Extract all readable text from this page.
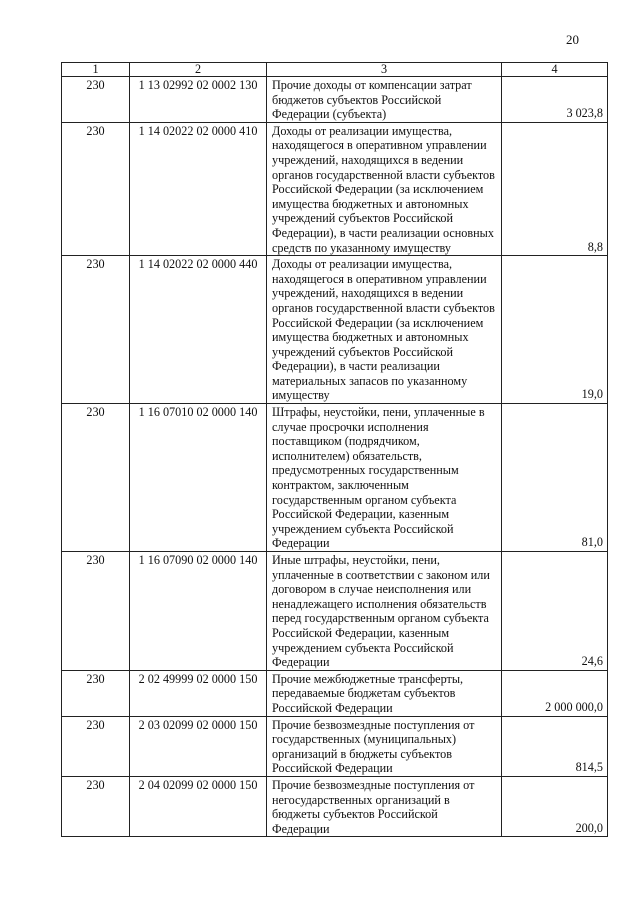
20
1	2	3	4
230	1 13 02992 02 0002 130	Прочие доходы от компенсации затрат бюджетов субъектов Российской Федерации (субъекта)	3 023,8
230	1 14 02022 02 0000 410	Доходы от реализации имущества, находящегося в оперативном управлении учреждений, находящихся в ведении органов государственной власти субъектов Российской Федерации (за исключением имущества бюджетных и автономных учреждений субъектов Российской Федерации), в части реализации основных средств по указанному имуществу	8,8
230	1 14 02022 02 0000 440	Доходы от реализации имущества, находящегося в оперативном управлении учреждений, находящихся в ведении органов государственной власти субъектов Российской Федерации (за исключением имущества бюджетных и автономных учреждений субъектов Российской Федерации), в части реализации материальных запасов по указанному имуществу	19,0
230	1 16 07010 02 0000 140	Штрафы, неустойки, пени, уплаченные в случае просрочки исполнения поставщиком (подрядчиком, исполнителем) обязательств, предусмотренных государственным контрактом, заключенным государственным органом субъекта Российской Федерации, казенным учреждением субъекта Российской Федерации	81,0
230	1 16 07090 02 0000 140	Иные штрафы, неустойки, пени, уплаченные в соответствии с законом или договором в случае неисполнения или ненадлежащего исполнения обязательств перед государственным органом субъекта Российской Федерации, казенным учреждением субъекта Российской Федерации	24,6
230	2 02 49999 02 0000 150	Прочие межбюджетные трансферты, передаваемые бюджетам субъектов Российской Федерации	2 000 000,0
230	2 03 02099 02 0000 150	Прочие безвозмездные поступления от государственных (муниципальных) организаций в бюджеты субъектов Российской Федерации	814,5
230	2 04 02099 02 0000 150	Прочие безвозмездные поступления от негосударственных организаций в бюджеты субъектов Российской Федерации	200,0
